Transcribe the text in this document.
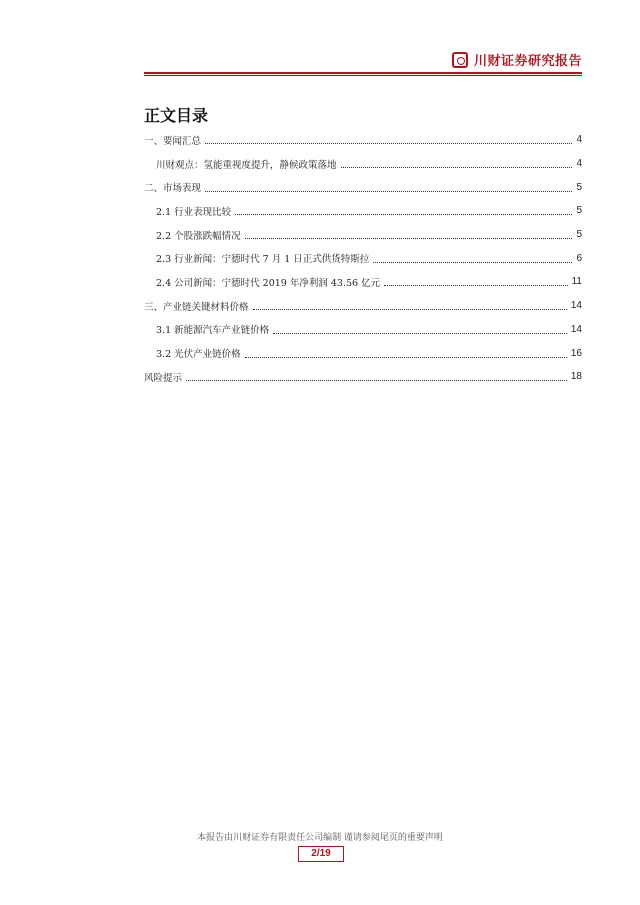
川财证券研究报告
正文目录
一、要闻汇总	4
川财观点：氢能重视度提升，静候政策落地	4
二、市场表现	5
2.1 行业表现比较	5
2.2 个股涨跌幅情况	5
2.3 行业新闻：宁德时代 7 月 1 日正式供货特斯拉	6
2.4 公司新闻：宁德时代 2019 年净利润 43.56 亿元	11
三、产业链关键材料价格	14
3.1 新能源汽车产业链价格	14
3.2 光伏产业链价格	16
风险提示	18
本报告由川财证券有限责任公司编制 谨请参阅尾页的重要声明
2/19
